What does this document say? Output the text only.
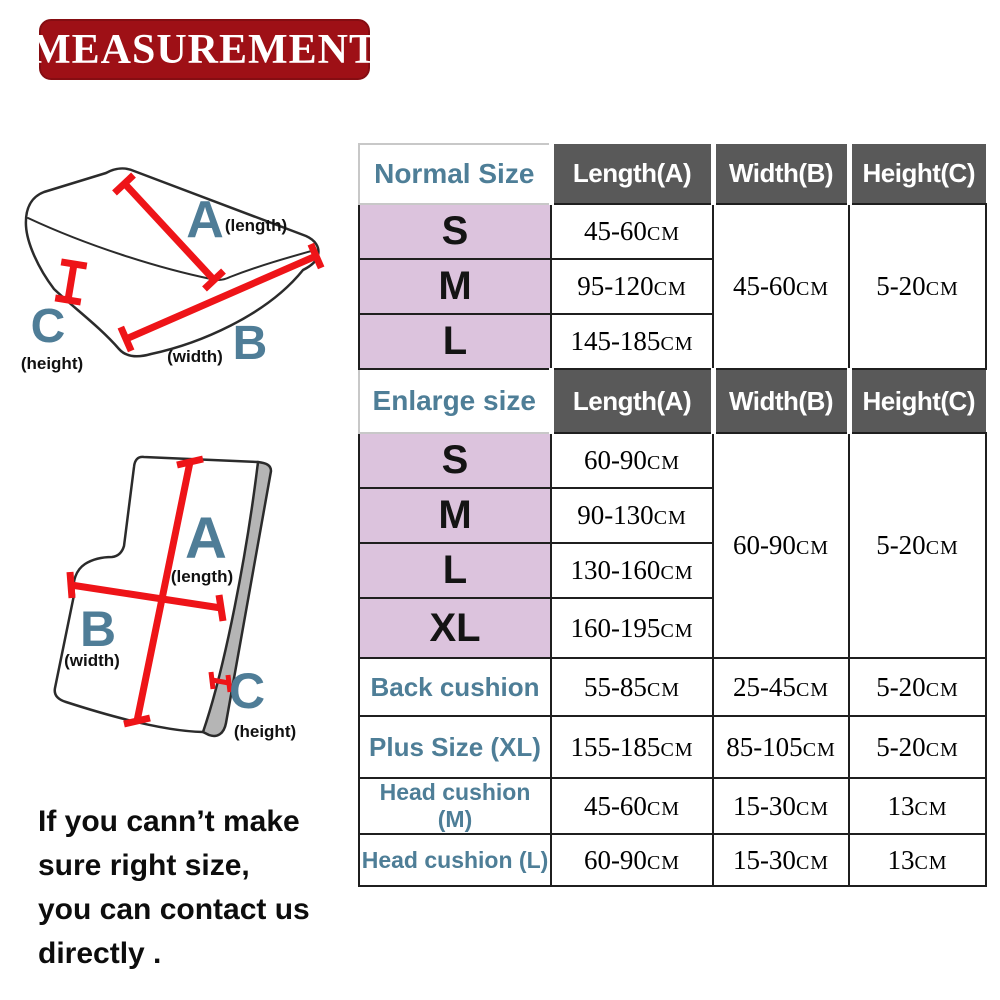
MEASUREMENT
A (length)
B
(width)
C
(height)
A
(length)
B
(width)
C
(height)
Normal Size	Length(A)	Width(B)	Height(C)
S	45-60CM	45-60CM	5-20CM
M	95-120CM		
L	145-185CM		
Enlarge size	Length(A)	Width(B)	Height(C)
S	60-90CM	60-90CM	5-20CM
M	90-130CM		
L	130-160CM		
XL	160-195CM		
Back cushion	55-85CM	25-45CM	5-20CM
Plus Size (XL)	155-185CM	85-105CM	5-20CM
Head cushion (M)	45-60CM	15-30CM	13CM
Head cushion (L)	60-90CM	15-30CM	13CM
If you cann’t make
sure right size,
you can contact us
directly .
